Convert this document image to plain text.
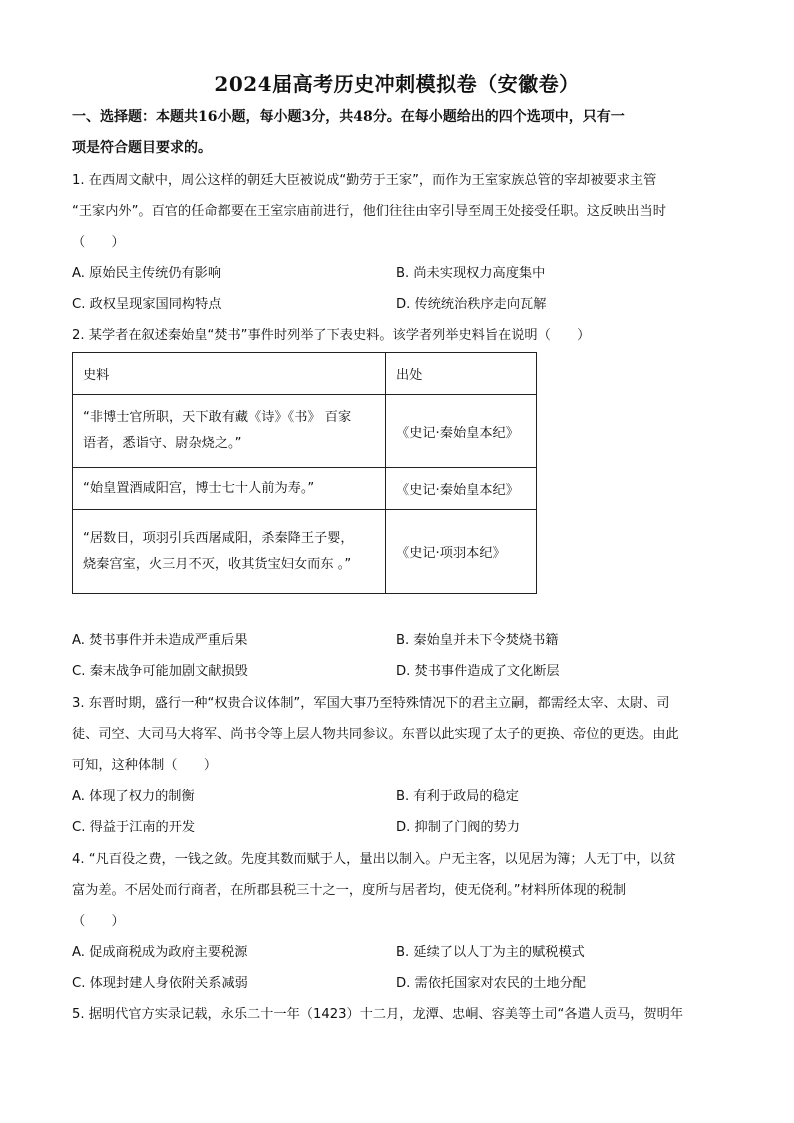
2024届高考历史冲刺模拟卷（安徽卷）
一、选择题：本题共16小题，每小题3分，共48分。在每小题给出的四个选项中，只有一
项是符合题目要求的。
1. 在西周文献中，周公这样的朝廷大臣被说成“勤劳于王家”，而作为王室家族总管的宰却被要求主管
“王家内外”。百官的任命都要在王室宗庙前进行，他们往往由宰引导至周王处接受任职。这反映出当时
（　　）
A. 原始民主传统仍有影响	B. 尚未实现权力高度集中
C. 政权呈现家国同构特点	D. 传统统治秩序走向瓦解
2. 某学者在叙述秦始皇“焚书”事件时列举了下表史料。该学者列举史料旨在说明（　　）
史料	出处

“非博士官所职，天下敢有藏《诗》《书》 百家
语者，悉诣守、尉杂烧之。”	《史记·秦始皇本纪》

“始皇置酒咸阳宫，博士七十人前为寿。”	《史记·秦始皇本纪》

“居数日，项羽引兵西屠咸阳，杀秦降王子婴，
烧秦宫室，火三月不灭，收其货宝妇女而东 。”	《史记·项羽本纪》
A. 焚书事件并未造成严重后果	B. 秦始皇并未下令焚烧书籍
C. 秦末战争可能加剧文献损毁	D. 焚书事件造成了文化断层
3. 东晋时期，盛行一种“权贵合议体制”，军国大事乃至特殊情况下的君主立嗣，都需经太宰、太尉、司
徒、司空、大司马大将军、尚书令等上层人物共同参议。东晋以此实现了太子的更换、帝位的更迭。由此
可知，这种体制（　　）
A. 体现了权力的制衡	B. 有利于政局的稳定
C. 得益于江南的开发	D. 抑制了门阀的势力
4. “凡百役之费，一钱之敛。先度其数而赋于人，量出以制入。户无主客，以见居为簿；人无丁中，以贫
富为差。不居处而行商者，在所郡县税三十之一，度所与居者均，使无侥利。”材料所体现的税制
（　　）
A. 促成商税成为政府主要税源	B. 延续了以人丁为主的赋税模式
C. 体现封建人身依附关系减弱	D. 需依托国家对农民的土地分配
5. 据明代官方实录记载，永乐二十一年（1423）十二月，龙潭、忠峒、容美等土司“各遣人贡马，贺明年
